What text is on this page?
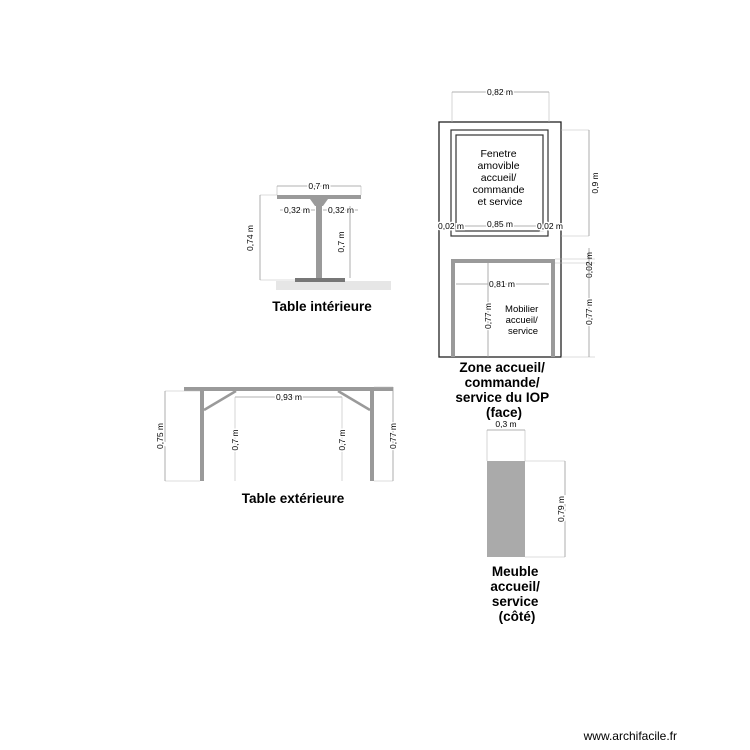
0,7 m
0,32 m 0,32 m
0,74 m	0,7 m
Table intérieure
0,82 m
Fenetre amovible accueil/ commande et service
0,9 m
0,02 m	0,85 m	0,02 m
0,02 m
0,81 m
0,77 m Mobilier accueil/ service
0,77 m
Zone accueil/ commande/ service du IOP (face)
0,93 m
0,75 m	0,7 m	0,7 m	0,77 m
Table extérieure
0,3 m
0,79 m
Meuble accueil/ service (côté)
www.archifacile.fr
